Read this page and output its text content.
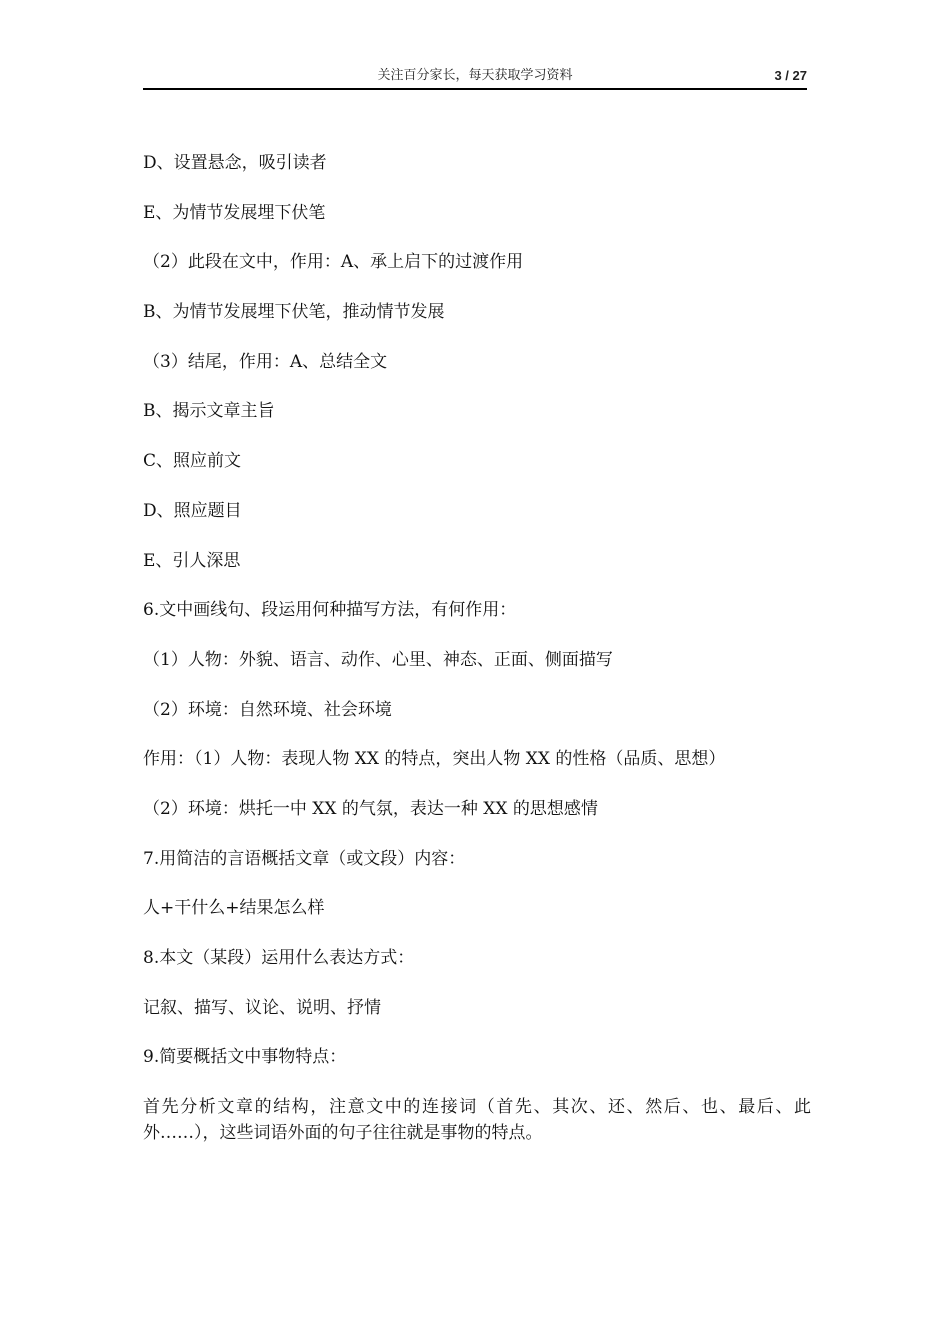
关注百分家长，每天获取学习资料	3 / 27
D、设置悬念，吸引读者
E、为情节发展埋下伏笔
（2）此段在文中，作用：A、承上启下的过渡作用
B、为情节发展埋下伏笔，推动情节发展
（3）结尾，作用：A、总结全文
B、揭示文章主旨
C、照应前文
D、照应题目
E、引人深思
6.文中画线句、段运用何种描写方法，有何作用：
（1）人物：外貌、语言、动作、心里、神态、正面、侧面描写
（2）环境：自然环境、社会环境
作用：（1）人物：表现人物 XX 的特点，突出人物 XX 的性格（品质、思想）
（2）环境：烘托一中 XX 的气氛，表达一种 XX 的思想感情
7.用简洁的言语概括文章（或文段）内容：
人+干什么+结果怎么样
8.本文（某段）运用什么表达方式：
记叙、描写、议论、说明、抒情
9.简要概括文中事物特点：
首先分析文章的结构，注意文中的连接词（首先、其次、还、然后、也、最后、此外……），这些词语外面的句子往往就是事物的特点。
